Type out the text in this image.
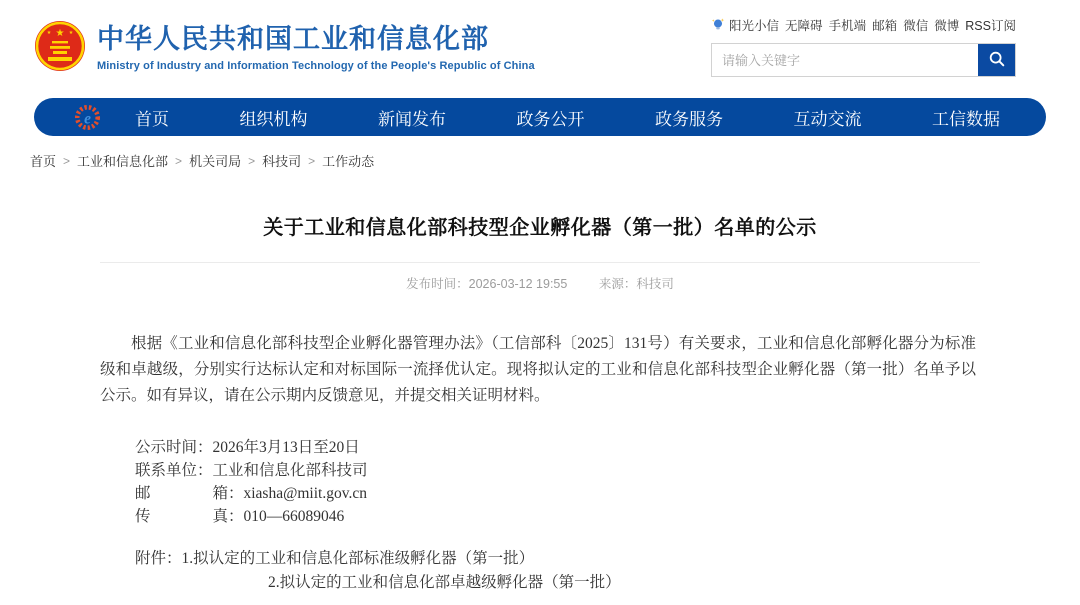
★
★	★ 中华人民共和国工业和信息化部
Ministry of Industry and Information Technology of the People's Republic of China
阳光小信 无障碍 手机端 邮箱 微信 微博 RSS订阅
请输入关键字
e	首页	组织机构	新闻发布	政务公开	政务服务	互动交流	工信数据
首页 > 工业和信息化部 > 机关司局 > 科技司 > 工作动态
关于工业和信息化部科技型企业孵化器（第一批）名单的公示
发布时间：2026-03-12 19:55	来源：科技司

根据《工业和信息化部科技型企业孵化器管理办法》（工信部科〔2025〕131号）有关要求，工业和信息化部孵化器分为标准级和卓越级，分别实行达标认定和对标国际一流择优认定。现将拟认定的工业和信息化部科技型企业孵化器（第一批）名单予以公示。如有异议，请在公示期内反馈意见，并提交相关证明材料。

公示时间：2026年3月13日至20日
联系单位：工业和信息化部科技司
邮　　　　箱：xiasha@miit.gov.cn
传　　　　真：010—66089046
附件：1.拟认定的工业和信息化部标准级孵化器（第一批）
2.拟认定的工业和信息化部卓越级孵化器（第一批）
